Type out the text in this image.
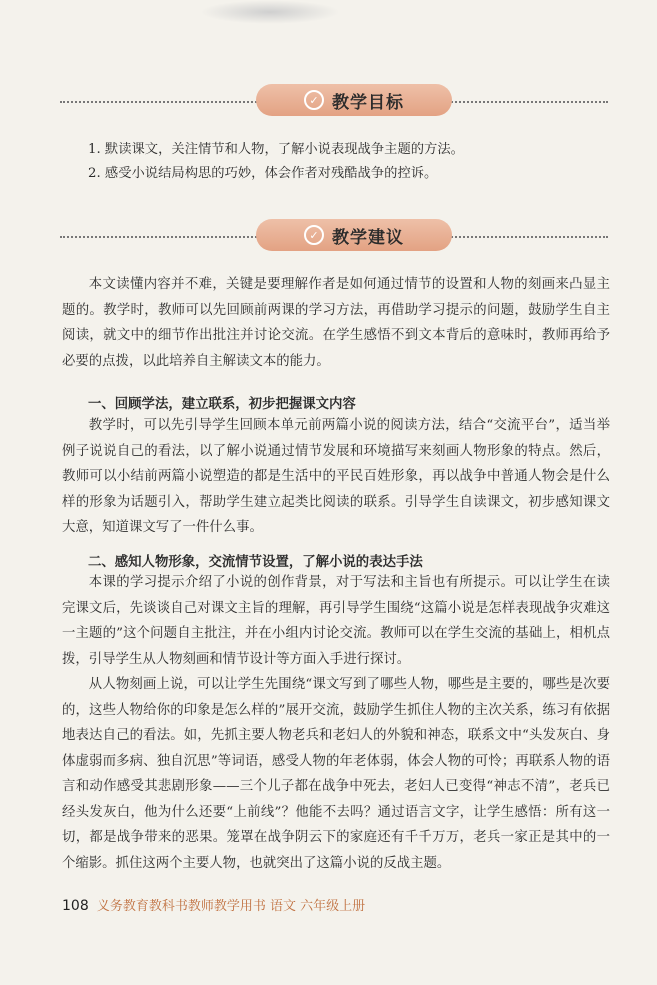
✓ 教学目标
1. 默读课文，关注情节和人物，了解小说表现战争主题的方法。
2. 感受小说结局构思的巧妙，体会作者对残酷战争的控诉。
✓ 教学建议

本文读懂内容并不难，关键是要理解作者是如何通过情节的设置和人物的刻画来凸显主题的。教学时，教师可以先回顾前两课的学习方法，再借助学习提示的问题，鼓励学生自主阅读，就文中的细节作出批注并讨论交流。在学生感悟不到文本背后的意味时，教师再给予必要的点拨，以此培养自主解读文本的能力。

一、回顾学法，建立联系，初步把握课文内容

教学时，可以先引导学生回顾本单元前两篇小说的阅读方法，结合“交流平台”，适当举例子说说自己的看法，以了解小说通过情节发展和环境描写来刻画人物形象的特点。然后，教师可以小结前两篇小说塑造的都是生活中的平民百姓形象，再以战争中普通人物会是什么样的形象为话题引入，帮助学生建立起类比阅读的联系。引导学生自读课文，初步感知课文大意，知道课文写了一件什么事。

二、感知人物形象，交流情节设置，了解小说的表达手法

本课的学习提示介绍了小说的创作背景，对于写法和主旨也有所提示。可以让学生在读完课文后，先谈谈自己对课文主旨的理解，再引导学生围绕“这篇小说是怎样表现战争灾难这一主题的”这个问题自主批注，并在小组内讨论交流。教师可以在学生交流的基础上，相机点拨，引导学生从人物刻画和情节设计等方面入手进行探讨。

从人物刻画上说，可以让学生先围绕“课文写到了哪些人物，哪些是主要的，哪些是次要的，这些人物给你的印象是怎么样的”展开交流，鼓励学生抓住人物的主次关系，练习有依据地表达自己的看法。如，先抓主要人物老兵和老妇人的外貌和神态，联系文中“头发灰白、身体虚弱而多病、独自沉思”等词语，感受人物的年老体弱，体会人物的可怜；再联系人物的语言和动作感受其悲剧形象——三个儿子都在战争中死去，老妇人已变得“神志不清”，老兵已经头发灰白，他为什么还要“上前线”？他能不去吗？通过语言文字，让学生感悟：所有这一切，都是战争带来的恶果。笼罩在战争阴云下的家庭还有千千万万，老兵一家正是其中的一个缩影。抓住这两个主要人物，也就突出了这篇小说的反战主题。

108 义务教育教科书教师教学用书 语文 六年级上册
